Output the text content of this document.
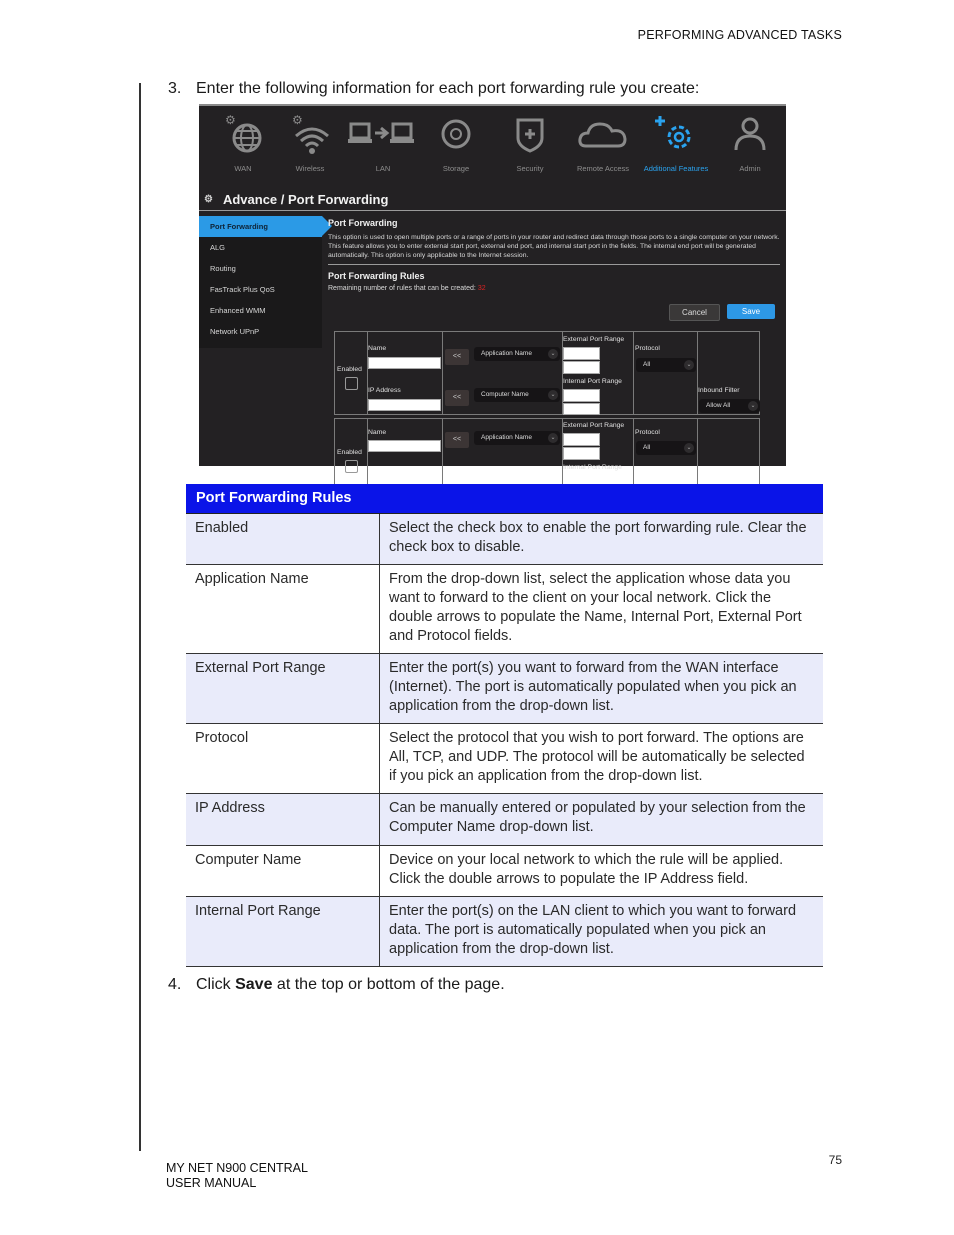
PERFORMING ADVANCED TASKS
3. Enter the following information for each port forwarding rule you create:
⚙
WAN
⚙
Wireless	LAN	Storage	Security	Remote Access	Additional Features	Admin
⚙ Advance / Port Forwarding
Port Forwarding
ALG
Routing
FasTrack Plus QoS
Enhanced WMM
Network UPnP
Port Forwarding
This option is used to open multiple ports or a range of ports in your router and redirect data through those ports to a single computer on your network. This feature allows you to enter external start port, external end port, and internal start port in the fields. The internal end port will be generated automatically. This option is only applicable to the Internet session.
Port Forwarding Rules
Remaining number of rules that can be created: 32
Cancel	Save
Enabled
Name
IP Address
<<	Application Name	⌄
<<	Computer Name	⌄
External Port Range
Internal Port Range
Protocol
All	⌄
Inbound Filter
Allow All	⌄
Enabled
Name
<<	Application Name	⌄
External Port Range
Internal Port Range
Protocol
All	⌄
Port Forwarding Rules	
Enabled	Select the check box to enable the port forwarding rule. Clear the check box to disable.
Application Name	From the drop-down list, select the application whose data you want to forward to the client on your local network. Click the double arrows to populate the Name, Internal Port, External Port and Protocol fields.
External Port Range	Enter the port(s) you want to forward from the WAN interface (Internet). The port is automatically populated when you pick an application from the drop-down list.
Protocol	Select the protocol that you wish to port forward. The options are All, TCP, and UDP. The protocol will be automatically be selected if you pick an application from the drop-down list.
IP Address	Can be manually entered or populated by your selection from the Computer Name drop-down list.
Computer Name	Device on your local network to which the rule will be applied. Click the double arrows to populate the IP Address field.
Internal Port Range	Enter the port(s) on the LAN client to which you want to forward data. The port is automatically populated when you pick an application from the drop-down list.
4. Click Save at the top or bottom of the page.
75
MY NET N900 CENTRAL
USER MANUAL
